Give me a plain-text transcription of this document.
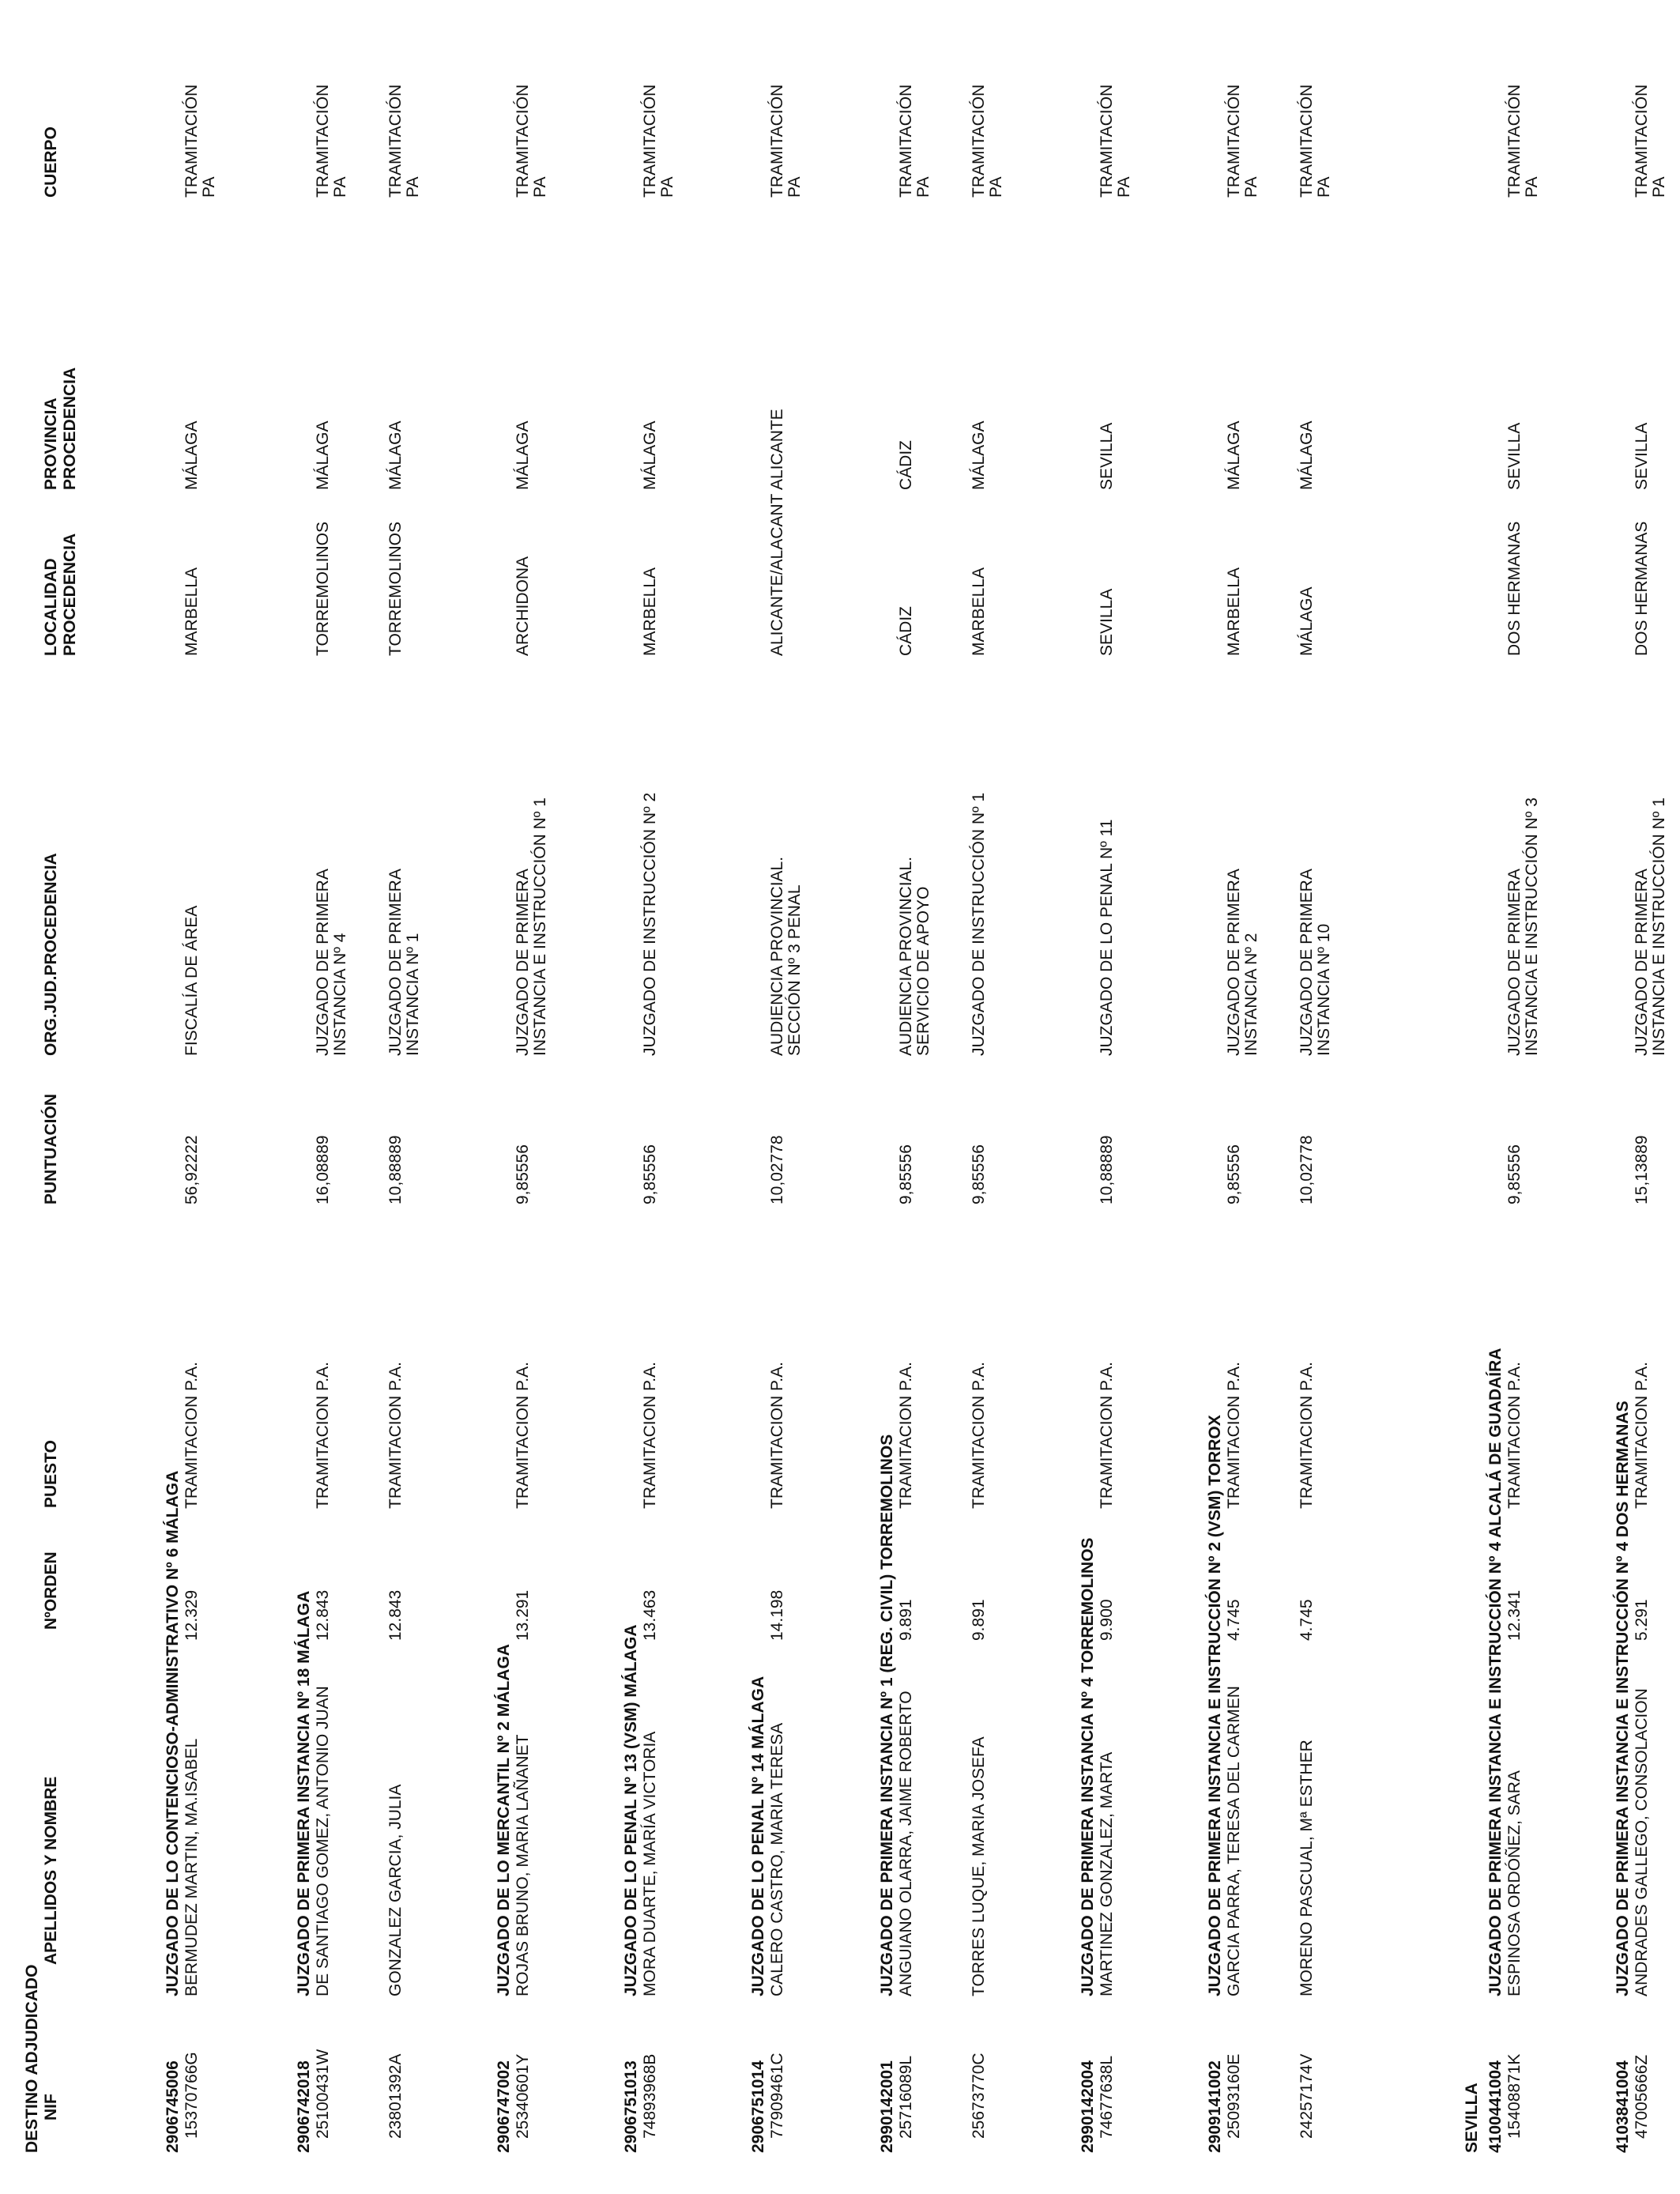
DESTINO ADJUDICADO NIF
APELLIDOS Y NOMBRE
NºORDEN
PUESTO
PUNTUACIÓN
ORG.JUD.PROCEDENCIA
LOCALIDAD PROCEDENCIA
PROVINCIA PROCEDENCIA
CUERPO
SEVILLA
2906745006
JUZGADO DE LO CONTENCIOSO-ADMINISTRATIVO Nº 6 MÁLAGA
15370766G
BERMUDEZ MARTIN, MA.ISABEL
12.329
TRAMITACION P.A.
56,92222
FISCALÍA DE ÁREA
MARBELLA
MÁLAGA
TRAMITACIÓN PA
2906742018
JUZGADO DE PRIMERA INSTANCIA Nº 18 MÁLAGA
25100431W
DE SANTIAGO GOMEZ, ANTONIO JUAN
12.843
TRAMITACION P.A.
16,08889
JUZGADO DE PRIMERA INSTANCIA Nº 4
TORREMOLINOS
MÁLAGA
TRAMITACIÓN PA
23801392A
GONZALEZ GARCIA, JULIA
12.843
TRAMITACION P.A.
10,88889
JUZGADO DE PRIMERA INSTANCIA Nº 1
TORREMOLINOS
MÁLAGA
TRAMITACIÓN PA
2906747002
JUZGADO DE LO MERCANTIL Nº 2 MÁLAGA
25340601Y
ROJAS BRUNO, MARIA LAÑANET
13.291
TRAMITACION P.A.
9,85556
JUZGADO DE PRIMERA INSTANCIA E INSTRUCCIÓN Nº 1
ARCHIDONA
MÁLAGA
TRAMITACIÓN PA
2906751013
JUZGADO DE LO PENAL Nº 13 (VSM) MÁLAGA
74893968B
MORA DUARTE, MARÍA VICTORIA
13.463
TRAMITACION P.A.
9,85556
JUZGADO DE INSTRUCCIÓN Nº 2
MARBELLA
MÁLAGA
TRAMITACIÓN PA
2906751014
JUZGADO DE LO PENAL Nº 14 MÁLAGA
77909461C
CALERO CASTRO, MARIA TERESA
14.198
TRAMITACION P.A.
10,02778
AUDIENCIA PROVINCIAL. SECCIÓN Nº 3 PENAL
ALICANTE/ALACANT
ALICANTE
TRAMITACIÓN PA
2990142001
JUZGADO DE PRIMERA INSTANCIA Nº 1 (REG. CIVIL) TORREMOLINOS
25716089L
ANGUIANO OLARRA, JAIME ROBERTO
9.891
TRAMITACION P.A.
9,85556
AUDIENCIA PROVINCIAL. SERVICIO DE APOYO
CÁDIZ
CÁDIZ
TRAMITACIÓN PA
25673770C
TORRES LUQUE, MARIA JOSEFA
9.891
TRAMITACION P.A.
9,85556
JUZGADO DE INSTRUCCIÓN Nº 1
MARBELLA
MÁLAGA
TRAMITACIÓN PA
2990142004
JUZGADO DE PRIMERA INSTANCIA Nº 4 TORREMOLINOS
74677638L
MARTINEZ GONZALEZ, MARTA
9.900
TRAMITACION P.A.
10,88889
JUZGADO DE LO PENAL Nº 11
SEVILLA
SEVILLA
TRAMITACIÓN PA
2909141002
JUZGADO DE PRIMERA INSTANCIA E INSTRUCCIÓN Nº 2 (VSM) TORROX
25093160E
GARCIA PARRA, TERESA DEL CARMEN
4.745
TRAMITACION P.A.
9,85556
JUZGADO DE PRIMERA INSTANCIA Nº 2
MARBELLA
MÁLAGA
TRAMITACIÓN PA
24257174V
MORENO PASCUAL, Mª ESTHER
4.745
TRAMITACION P.A.
10,02778
JUZGADO DE PRIMERA INSTANCIA Nº 10
MÁLAGA
MÁLAGA
TRAMITACIÓN PA
4100441004
JUZGADO DE PRIMERA INSTANCIA E INSTRUCCIÓN Nº 4 ALCALÁ DE GUADAÍRA
15408871K
ESPINOSA ORDÓÑEZ, SARA
12.341
TRAMITACION P.A.
9,85556
JUZGADO DE PRIMERA INSTANCIA E INSTRUCCIÓN Nº 3
DOS HERMANAS
SEVILLA
TRAMITACIÓN PA
4103841004
JUZGADO DE PRIMERA INSTANCIA E INSTRUCCIÓN Nº 4 DOS HERMANAS
47005666Z
ANDRADES GALLEGO, CONSOLACION
5.291
TRAMITACION P.A.
15,13889
JUZGADO DE PRIMERA INSTANCIA E INSTRUCCIÓN Nº 1
DOS HERMANAS
SEVILLA
TRAMITACIÓN PA
